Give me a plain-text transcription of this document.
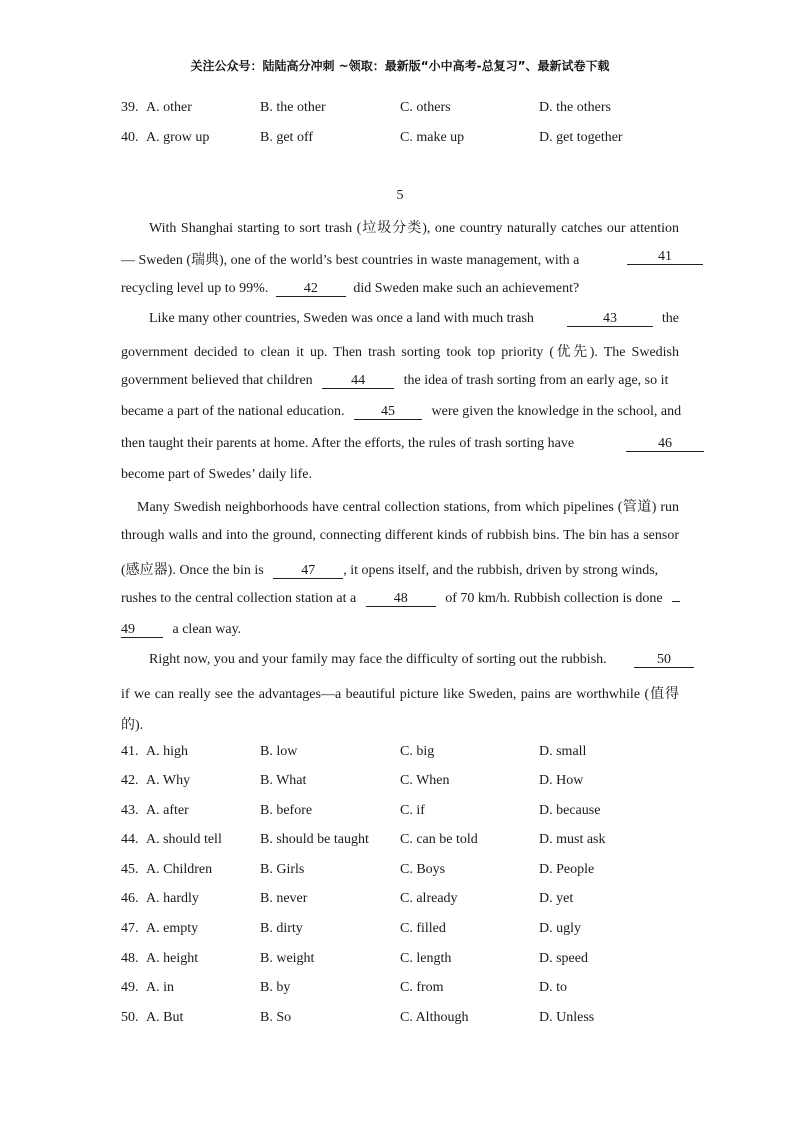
关注公众号：陆陆高分冲刺 ~领取：最新版“小中高考-总复习”、最新试卷下载
39. A. other	B. the other	C. others	D. the others
40. A. grow up	B. get off	C. make up	D. get together
5
With Shanghai starting to sort trash (垃圾分类), one country naturally catches our attention
— Sweden (瑞典), one of the world’s best countries in waste management, with a	41
recycling level up to 99%.	42	did Sweden make such an achievement?
Like many other countries, Sweden was once a land with much trash	43	the
government decided to clean it up. Then trash sorting took top priority (优先). The Swedish
government believed that children	44	the idea of trash sorting from an early age, so it
became a part of the national education.	45	were given the knowledge in the school, and
then taught their parents at home. After the efforts, the rules of trash sorting have	46
become part of Swedes’ daily life.
Many Swedish neighborhoods have central collection stations, from which pipelines (管道) run
through walls and into the ground, connecting different kinds of rubbish bins. The bin has a sensor
(感应器). Once the bin is	47 , it opens itself, and the rubbish, driven by strong winds,
rushes to the central collection station at a	48	of 70 km/h. Rubbish collection is done
49	a clean way.
Right now, you and your family may face the difficulty of sorting out the rubbish.	50
if we can really see the advantages—a beautiful picture like Sweden, pains are worthwhile (值得
的).
41. A. high	B. low	C. big	D. small
42. A. Why	B. What	C. When	D. How
43. A. after	B. before	C. if	D. because
44. A. should tell	B. should be taught C. can be told	D. must ask
45. A. Children	B. Girls	C. Boys	D. People
46. A. hardly	B. never	C. already	D. yet
47. A. empty	B. dirty	C. filled	D. ugly
48. A. height	B. weight	C. length	D. speed
49. A. in	B. by	C. from	D. to
50. A. But	B. So	C. Although	D. Unless
